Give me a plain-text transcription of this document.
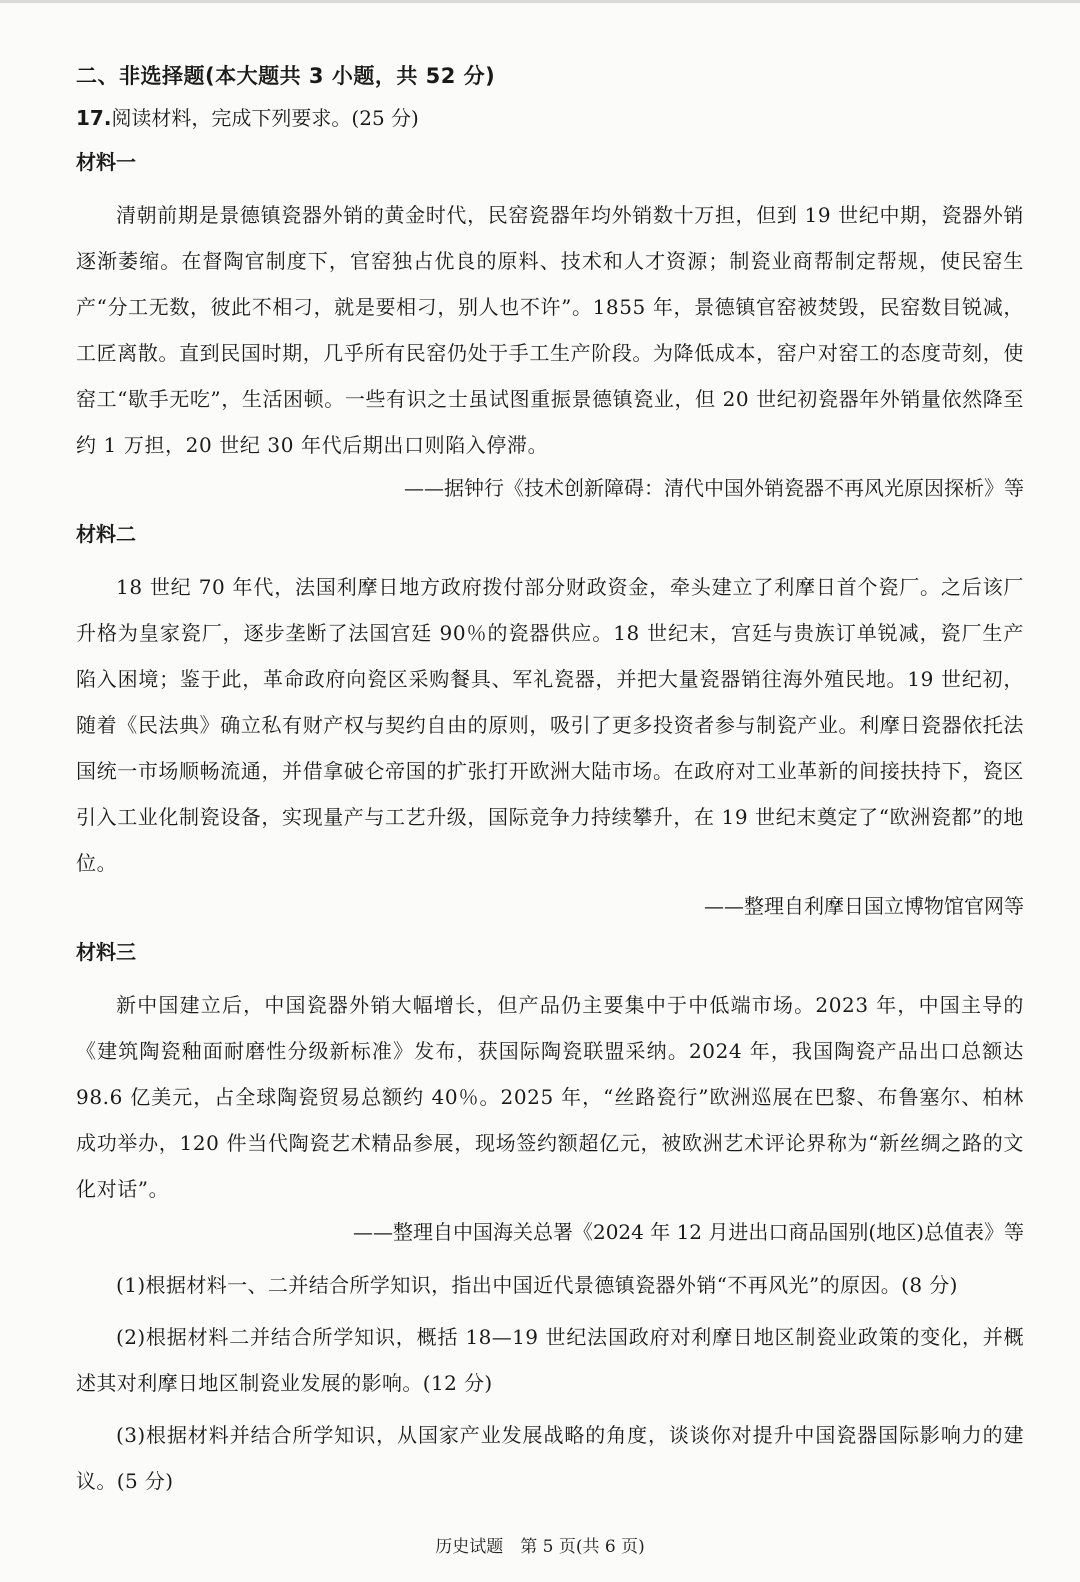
二、非选择题(本大题共 3 小题，共 52 分)
17.阅读材料，完成下列要求。(25 分)
材料一

清朝前期是景德镇瓷器外销的黄金时代，民窑瓷器年均外销数十万担，但到 19 世纪中期，瓷器外销逐渐萎缩。在督陶官制度下，官窑独占优良的原料、技术和人才资源；制瓷业商帮制定帮规，使民窑生产“分工无数，彼此不相刁，就是要相刁，别人也不许”。1855 年，景德镇官窑被焚毁，民窑数目锐减，工匠离散。直到民国时期，几乎所有民窑仍处于手工生产阶段。为降低成本，窑户对窑工的态度苛刻，使窑工“歇手无吃”，生活困顿。一些有识之士虽试图重振景德镇瓷业，但 20 世纪初瓷器年外销量依然降至约 1 万担，20 世纪 30 年代后期出口则陷入停滞。

——据钟行《技术创新障碍：清代中国外销瓷器不再风光原因探析》等
材料二

18 世纪 70 年代，法国利摩日地方政府拨付部分财政资金，牵头建立了利摩日首个瓷厂。之后该厂升格为皇家瓷厂，逐步垄断了法国宫廷 90％的瓷器供应。18 世纪末，宫廷与贵族订单锐减，瓷厂生产陷入困境；鉴于此，革命政府向瓷区采购餐具、军礼瓷器，并把大量瓷器销往海外殖民地。19 世纪初，随着《民法典》确立私有财产权与契约自由的原则，吸引了更多投资者参与制瓷产业。利摩日瓷器依托法国统一市场顺畅流通，并借拿破仑帝国的扩张打开欧洲大陆市场。在政府对工业革新的间接扶持下，瓷区引入工业化制瓷设备，实现量产与工艺升级，国际竞争力持续攀升，在 19 世纪末奠定了“欧洲瓷都”的地位。

——整理自利摩日国立博物馆官网等
材料三

新中国建立后，中国瓷器外销大幅增长，但产品仍主要集中于中低端市场。2023 年，中国主导的《建筑陶瓷釉面耐磨性分级新标准》发布，获国际陶瓷联盟采纳。2024 年，我国陶瓷产品出口总额达 98.6 亿美元，占全球陶瓷贸易总额约 40％。2025 年，“丝路瓷行”欧洲巡展在巴黎、布鲁塞尔、柏林成功举办，120 件当代陶瓷艺术精品参展，现场签约额超亿元，被欧洲艺术评论界称为“新丝绸之路的文化对话”。

——整理自中国海关总署《2024 年 12 月进出口商品国别(地区)总值表》等

(1)根据材料一、二并结合所学知识，指出中国近代景德镇瓷器外销“不再风光”的原因。(8 分)

(2)根据材料二并结合所学知识，概括 18—19 世纪法国政府对利摩日地区制瓷业政策的变化，并概述其对利摩日地区制瓷业发展的影响。(12 分)

(3)根据材料并结合所学知识，从国家产业发展战略的角度，谈谈你对提升中国瓷器国际影响力的建议。(5 分)

历史试题　第 5 页(共 6 页)
